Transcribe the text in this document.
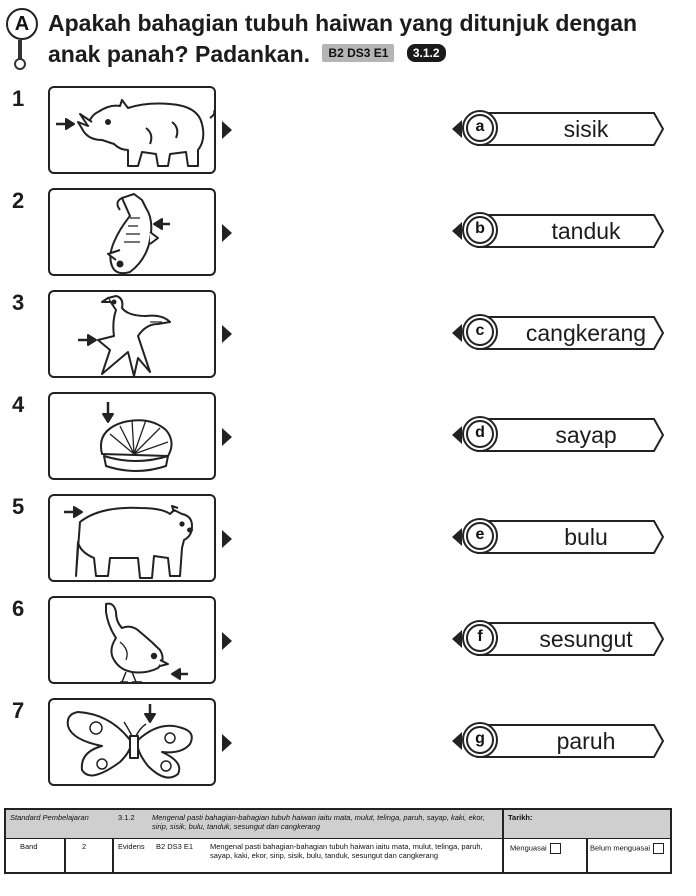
A Apakah bahagian tubuh haiwan yang ditunjuk dengan
anak panah? Padankan. B2 DS3 E1 3.1.2
1
2
3
4
5
6
7
a	sisik
b	tanduk
c	cangkerang
d	sayap
e	bulu
f	sesungut
g	paruh
Standard Pembelajaran	3.1.2	Mengenal pasti bahagian-bahagian tubuh haiwan iaitu mata, mulut, telinga, paruh, sayap, kaki, ekor, sirip, sisik, bulu, tanduk, sesungut dan cangkerang
Tarikh:
Band	2	Evidens	B2 DS3 E1	Mengenal pasti bahagian-bahagian tubuh haiwan iaitu mata, mulut, telinga, paruh, sayap, kaki, ekor, sirip, sisik, bulu, tanduk, sesungut dan cangkerang
Menguasai	Belum menguasai
